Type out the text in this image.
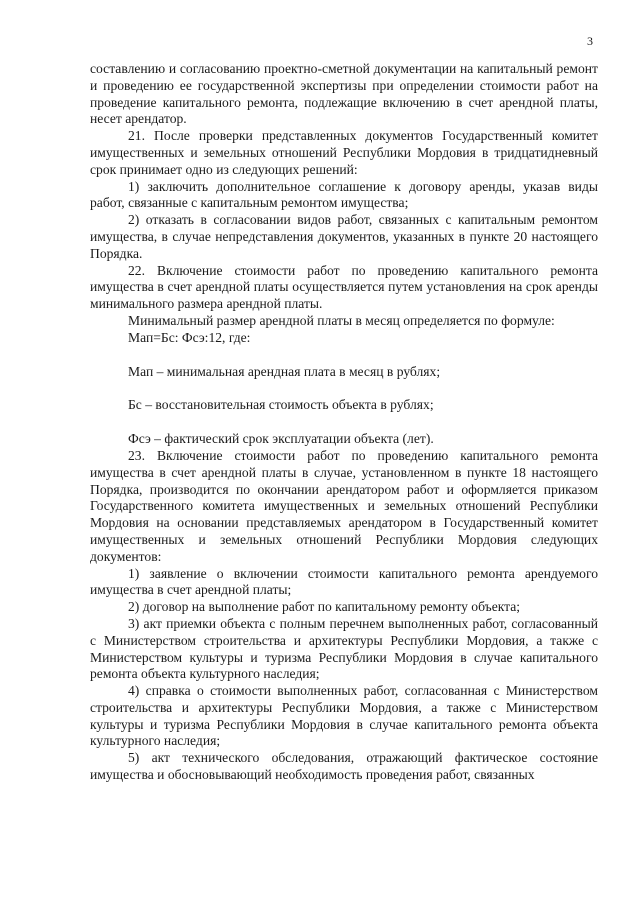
3

составлению и согласованию проектно-сметной документации на капитальный ремонт и проведению ее государственной экспертизы при определении стоимости работ на проведение капитального ремонта, подлежащие включению в счет арендной платы, несет арендатор.

21. После проверки представленных документов Государственный комитет имущественных и земельных отношений Республики Мордовия в тридцатидневный срок принимает одно из следующих решений:

1) заключить дополнительное соглашение к договору аренды, указав виды работ, связанные с капитальным ремонтом имущества;

2) отказать в согласовании видов работ, связанных с капитальным ремонтом имущества, в случае непредставления документов, указанных в пункте 20 настоящего Порядка.

22. Включение стоимости работ по проведению капитального ремонта имущества в счет арендной платы осуществляется путем установления на срок аренды минимального размера арендной платы.

Минимальный размер арендной платы в месяц определяется по формуле:

Мап=Бс: Фсэ:12, где:

Мап – минимальная арендная плата в месяц в рублях;

Бс – восстановительная стоимость объекта в рублях;

Фсэ – фактический срок эксплуатации объекта (лет).

23. Включение стоимости работ по проведению капитального ремонта имущества в счет арендной платы в случае, установленном в пункте 18 настоящего Порядка, производится по окончании арендатором работ и оформляется приказом Государственного комитета имущественных и земельных отношений Республики Мордовия на основании представляемых арендатором в Государственный комитет имущественных и земельных отношений Республики Мордовия следующих документов:

1) заявление о включении стоимости капитального ремонта арендуемого имущества в счет арендной платы;

2) договор на выполнение работ по капитальному ремонту объекта;

3) акт приемки объекта с полным перечнем выполненных работ, согласованный с Министерством строительства и архитектуры Республики Мордовия, а также с Министерством культуры и туризма Республики Мордовия в случае капитального ремонта объекта культурного наследия;

4) справка о стоимости выполненных работ, согласованная с Министерством строительства и архитектуры Республики Мордовия, а также с Министерством культуры и туризма Республики Мордовия в случае капитального ремонта объекта культурного наследия;

5) акт технического обследования, отражающий фактическое состояние имущества и обосновывающий необходимость проведения работ, связанных
